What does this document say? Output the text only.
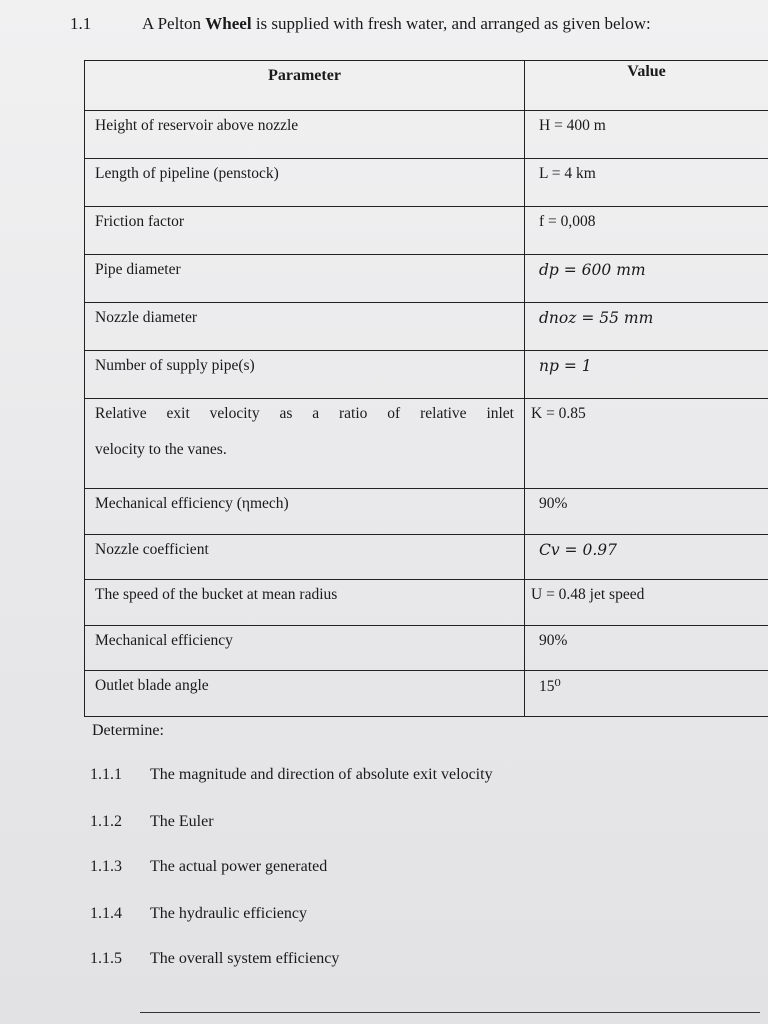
1.1	A Pelton Wheel is supplied with fresh water, and arranged as given below:
Parameter	Value
Height of reservoir above nozzle	H = 400 m
Length of pipeline (penstock)	L = 4 km
Friction factor	f = 0,008
Pipe diameter	dp = 600 mm
Nozzle diameter	dnoz = 55 mm
Number of supply pipe(s)	np = 1

Relative exit velocity as a ratio of relative inlet
velocity to the vanes.	K = 0.85
Mechanical efficiency (ηmech)	90%
Nozzle coefficient	Cv = 0.97
The speed of the bucket at mean radius	U = 0.48 jet speed
Mechanical efficiency	90%
Outlet blade angle	15⁰
Determine:
1.1.1 The magnitude and direction of absolute exit velocity
1.1.2 The Euler
1.1.3 The actual power generated
1.1.4 The hydraulic efficiency
1.1.5 The overall system efficiency
